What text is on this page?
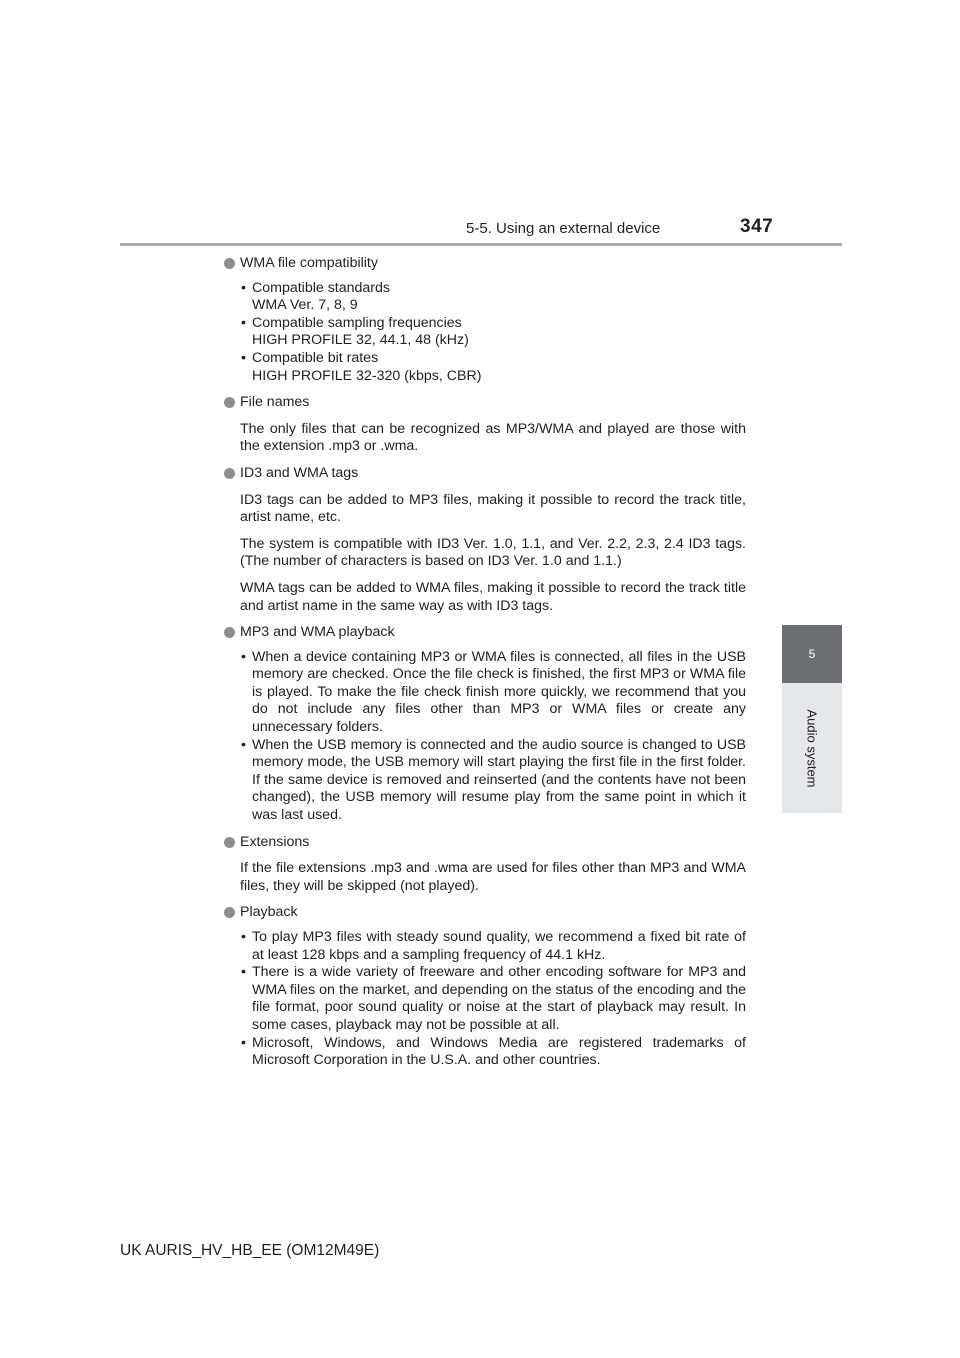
5-5. Using an external device	347
5
Audio system
WMA file compatibility
• Compatible standards
WMA Ver. 7, 8, 9
• Compatible sampling frequencies
HIGH PROFILE 32, 44.1, 48 (kHz)
• Compatible bit rates
HIGH PROFILE 32-320 (kbps, CBR)
File names
The only files that can be recognized as MP3/WMA and played are those with the extension .mp3 or .wma.
ID3 and WMA tags
ID3 tags can be added to MP3 files, making it possible to record the track title, artist name, etc.
The system is compatible with ID3 Ver. 1.0, 1.1, and Ver. 2.2, 2.3, 2.4 ID3 tags. (The number of characters is based on ID3 Ver. 1.0 and 1.1.)
WMA tags can be added to WMA files, making it possible to record the track title and artist name in the same way as with ID3 tags.
MP3 and WMA playback
• When a device containing MP3 or WMA files is connected, all files in the USB memory are checked. Once the file check is finished, the first MP3 or WMA file is played. To make the file check finish more quickly, we recommend that you do not include any files other than MP3 or WMA files or create any unnecessary folders.
• When the USB memory is connected and the audio source is changed to USB memory mode, the USB memory will start playing the first file in the first folder. If the same device is removed and reinserted (and the contents have not been changed), the USB memory will resume play from the same point in which it was last used.
Extensions
If the file extensions .mp3 and .wma are used for files other than MP3 and WMA files, they will be skipped (not played).
Playback
• To play MP3 files with steady sound quality, we recommend a fixed bit rate of at least 128 kbps and a sampling frequency of 44.1 kHz.
• There is a wide variety of freeware and other encoding software for MP3 and WMA files on the market, and depending on the status of the encoding and the file format, poor sound quality or noise at the start of playback may result. In some cases, playback may not be possible at all.
• Microsoft, Windows, and Windows Media are registered trademarks of Microsoft Corporation in the U.S.A. and other countries.
UK AURIS_HV_HB_EE (OM12M49E)
